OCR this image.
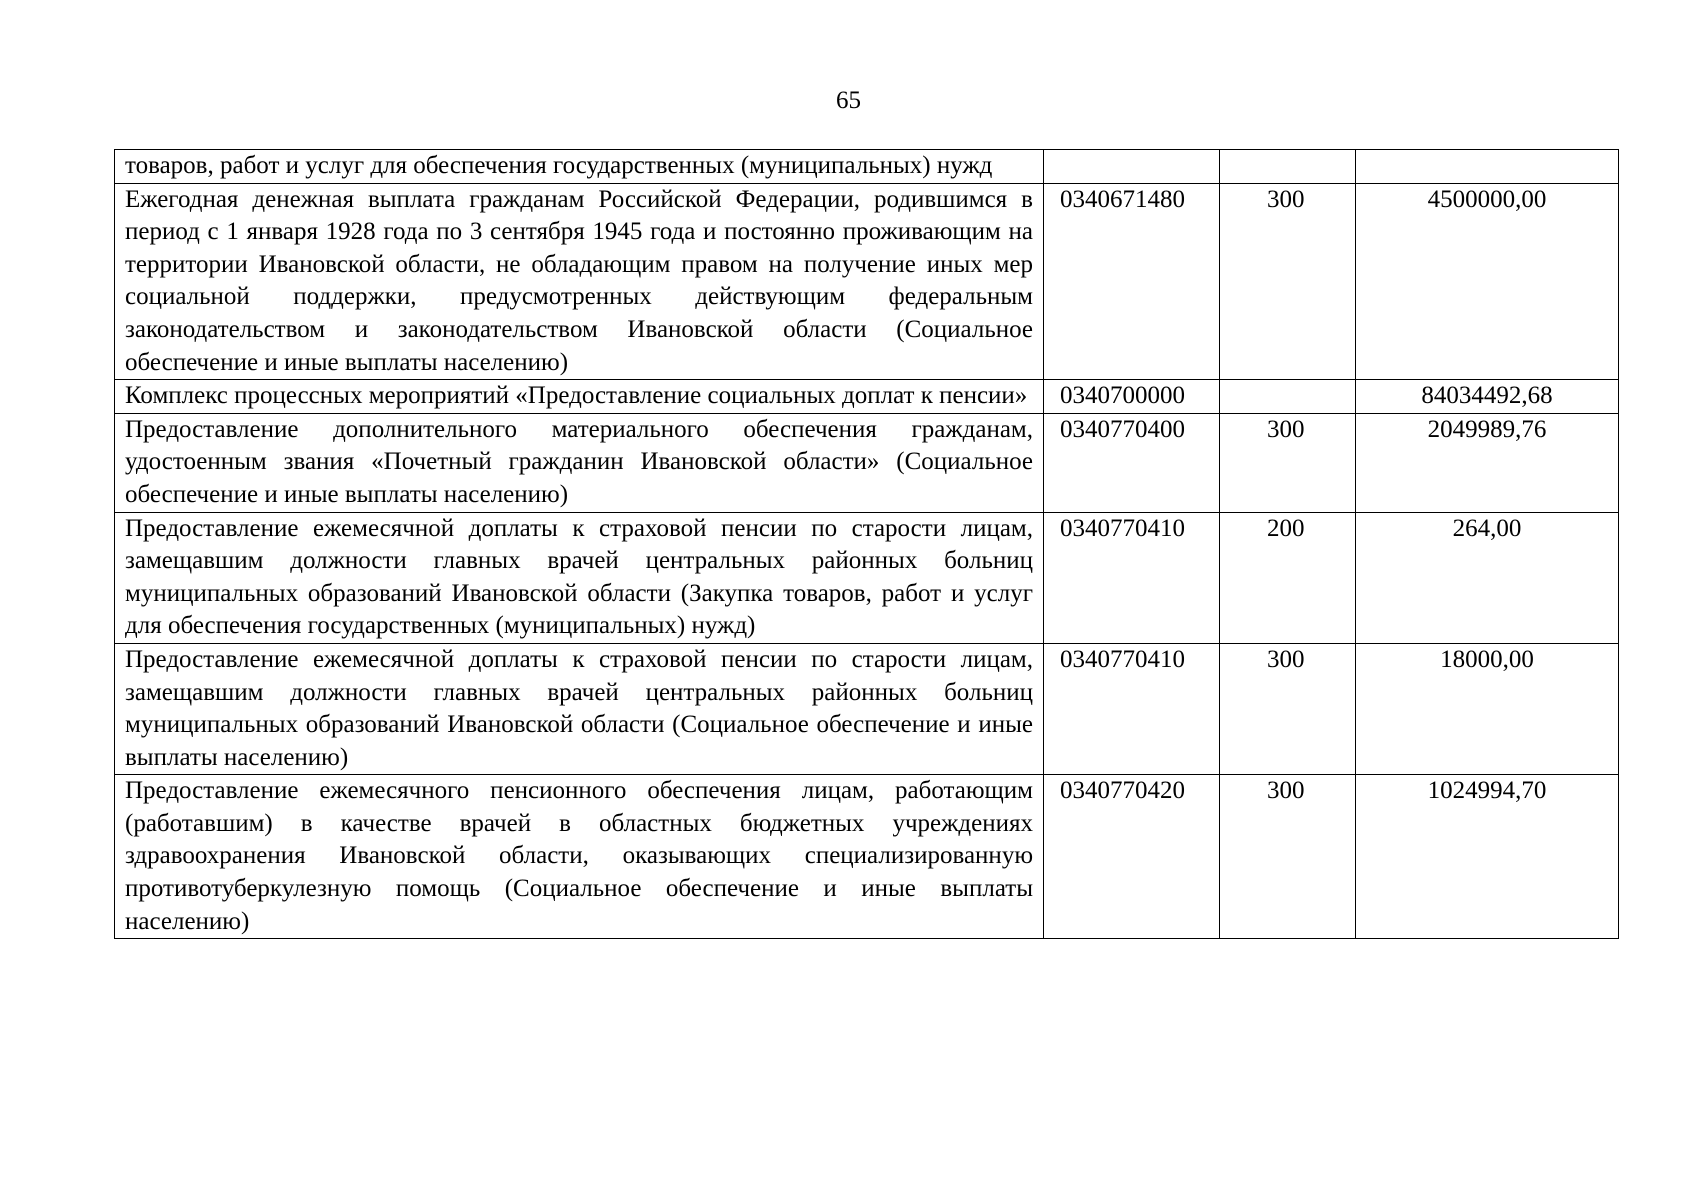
65
товаров, работ и услуг для обеспечения государственных (муниципальных) нужд			
Ежегодная денежная выплата гражданам Российской Федерации, родившимся в период с 1 января 1928 года по 3 сентября 1945 года и постоянно проживающим на территории Ивановской области, не обладающим правом на получение иных мер социальной поддержки, предусмотренных действующим федеральным законодательством и законодательством Ивановской области (Социальное обеспечение и иные выплаты населению)	0340671480	300	4500000,00
Комплекс процессных мероприятий «Предоставление социальных доплат к пенсии»	0340700000		84034492,68
Предоставление дополнительного материального обеспечения гражданам, удостоенным звания «Почетный гражданин Ивановской области» (Социальное обеспечение и иные выплаты населению)	0340770400	300	2049989,76
Предоставление ежемесячной доплаты к страховой пенсии по старости лицам, замещавшим должности главных врачей центральных районных больниц муниципальных образований Ивановской области (Закупка товаров, работ и услуг для обеспечения государственных (муниципальных) нужд)	0340770410	200	264,00
Предоставление ежемесячной доплаты к страховой пенсии по старости лицам, замещавшим должности главных врачей центральных районных больниц муниципальных образований Ивановской области (Социальное обеспечение и иные выплаты населению)	0340770410	300	18000,00
Предоставление ежемесячного пенсионного обеспечения лицам, работающим (работавшим) в качестве врачей в областных бюджетных учреждениях здравоохранения Ивановской области, оказывающих специализированную противотуберкулезную помощь (Социальное обеспечение и иные выплаты населению)	0340770420	300	1024994,70
